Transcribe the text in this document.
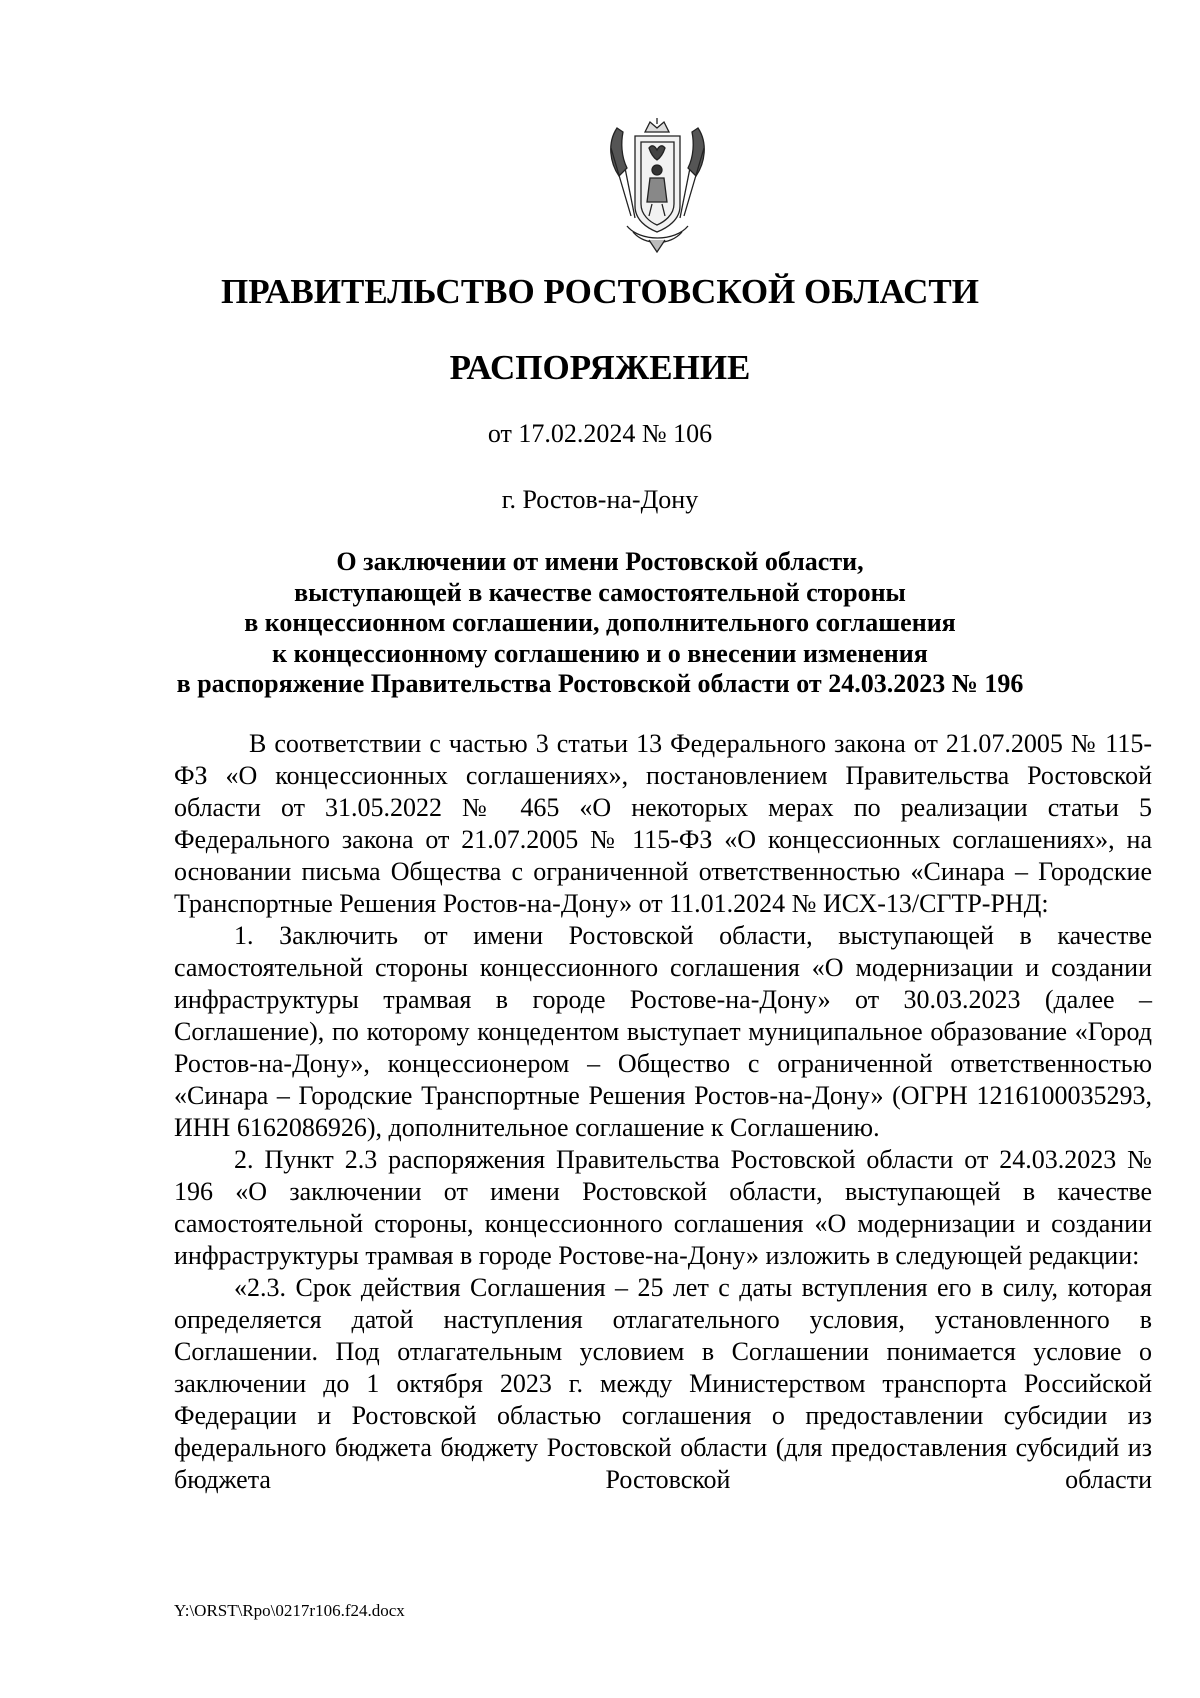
ПРАВИТЕЛЬСТВО РОСТОВСКОЙ ОБЛАСТИ
РАСПОРЯЖЕНИЕ
от 17.02.2024 № 106
г. Ростов-на-Дону
О заключении от имени Ростовской области,
выступающей в качестве самостоятельной стороны
в концессионном соглашении, дополнительного соглашения
к концессионному соглашению и о внесении изменения
в распоряжение Правительства Ростовской области от 24.03.2023 № 196

В соответствии с частью 3 статьи 13 Федерального закона от 21.07.2005 № 115-ФЗ «О концессионных соглашениях», постановлением Правительства Ростовской области от 31.05.2022 № 465 «О некоторых мерах по реализации статьи 5 Федерального закона от 21.07.2005 № 115-ФЗ «О концессионных соглашениях», на основании письма Общества с ограниченной ответственностью «Синара – Городские Транспортные Решения Ростов-на-Дону» от 11.01.2024 № ИСХ-13/СГТР-РНД:

1. Заключить от имени Ростовской области, выступающей в качестве самостоятельной стороны концессионного соглашения «О модернизации и создании инфраструктуры трамвая в городе Ростове-на-Дону» от 30.03.2023 (далее – Соглашение), по которому концедентом выступает муниципальное образование «Город Ростов-на-Дону», концессионером – Общество с ограниченной ответственностью «Синара – Городские Транспортные Решения Ростов-на-Дону» (ОГРН 1216100035293, ИНН 6162086926), дополнительное соглашение к Соглашению.

2. Пункт 2.3 распоряжения Правительства Ростовской области от 24.03.2023 № 196 «О заключении от имени Ростовской области, выступающей в качестве самостоятельной стороны, концессионного соглашения «О модернизации и создании инфраструктуры трамвая в городе Ростове-на-Дону» изложить в следующей редакции:

«2.3. Срок действия Соглашения – 25 лет с даты вступления его в силу, которая определяется датой наступления отлагательного условия, установленного в Соглашении. Под отлагательным условием в Соглашении понимается условие о заключении до 1 октября 2023 г. между Министерством транспорта Российской Федерации и Ростовской областью соглашения о предоставлении субсидии из федерального бюджета бюджету Ростовской области (для предоставления субсидий из бюджета Ростовской области

Y:\ORST\Rpo\0217r106.f24.docx
